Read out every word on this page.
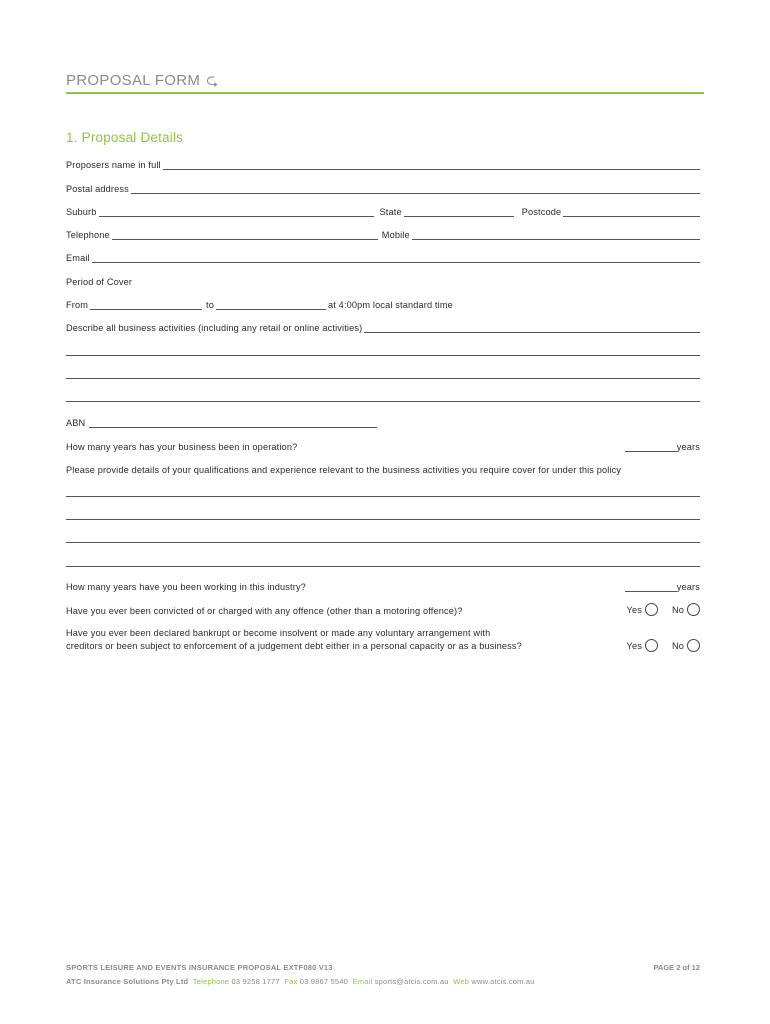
PROPOSAL FORM ⮎
1. Proposal Details
Proposers name in full
Postal address
Suburb	State	Postcode
Telephone	Mobile
Email
Period of Cover
From	to	at 4:00pm local standard time
Describe all business activities (including any retail or online activities)
ABN
How many years has your business been in operation?	years
Please provide details of your qualifications and experience relevant to the business activities you require cover for under this policy
How many years have you been working in this industry?	years
Have you ever been convicted of or charged with any offence (other than a motoring offence)?	Yes	No
Have you ever been declared bankrupt or become insolvent or made any voluntary arrangement with
creditors or been subject to enforcement of a judgement debt either in a personal capacity or as a business?	Yes	No
SPORTS LEISURE AND EVENTS INSURANCE PROPOSAL EXTF080 V13	PAGE 2 of 12
ATC Insurance Solutions Pty Ltd Telephone 03 9258 1777 Fax 03 9867 5540 Email sports@atcis.com.au Web www.atcis.com.au
